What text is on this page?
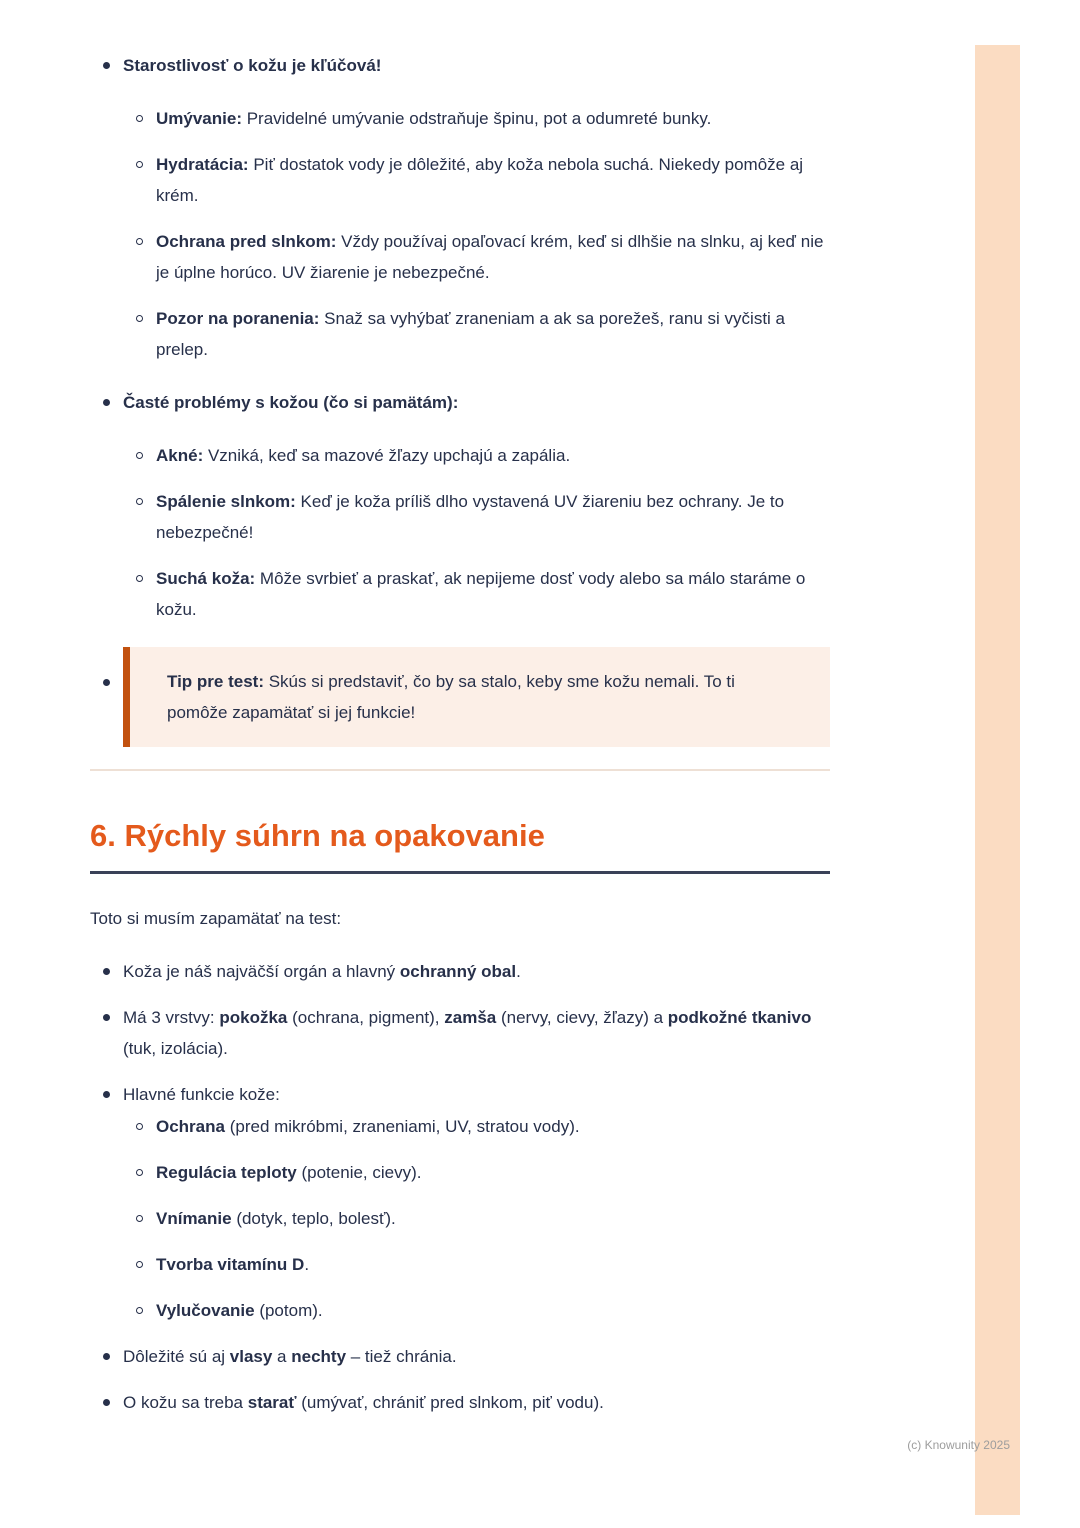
Starostlivosť o kožu je kľúčová!

Umývanie: Pravidelné umývanie odstraňuje špinu, pot a odumreté bunky.

Hydratácia: Piť dostatok vody je dôležité, aby koža nebola suchá. Niekedy pomôže aj krém.

Ochrana pred slnkom: Vždy používaj opaľovací krém, keď si dlhšie na slnku, aj keď nie je úplne horúco. UV žiarenie je nebezpečné.

Pozor na poranenia: Snaž sa vyhýbať zraneniam a ak sa porežeš, ranu si vyčisti a prelep.

Časté problémy s kožou (čo si pamätám):

Akné: Vzniká, keď sa mazové žľazy upchajú a zapália.

Spálenie slnkom: Keď je koža príliš dlho vystavená UV žiareniu bez ochrany. Je to nebezpečné!

Suchá koža: Môže svrbieť a praskať, ak nepijeme dosť vody alebo sa málo staráme o kožu.

Tip pre test: Skús si predstaviť, čo by sa stalo, keby sme kožu nemali. To ti pomôže zapamätať si jej funkcie!

6. Rýchly súhrn na opakovanie

Toto si musím zapamätať na test:

Koža je náš najväčší orgán a hlavný ochranný obal.

Má 3 vrstvy: pokožka (ochrana, pigment), zamša (nervy, cievy, žľazy) a podkožné tkanivo (tuk, izolácia).

Hlavné funkcie kože:

Ochrana (pred mikróbmi, zraneniami, UV, stratou vody).

Regulácia teploty (potenie, cievy).

Vnímanie (dotyk, teplo, bolesť).

Tvorba vitamínu D.

Vylučovanie (potom).

Dôležité sú aj vlasy a nechty – tiež chránia.

O kožu sa treba starať (umývať, chrániť pred slnkom, piť vodu).

(c) Knowunity 2025
